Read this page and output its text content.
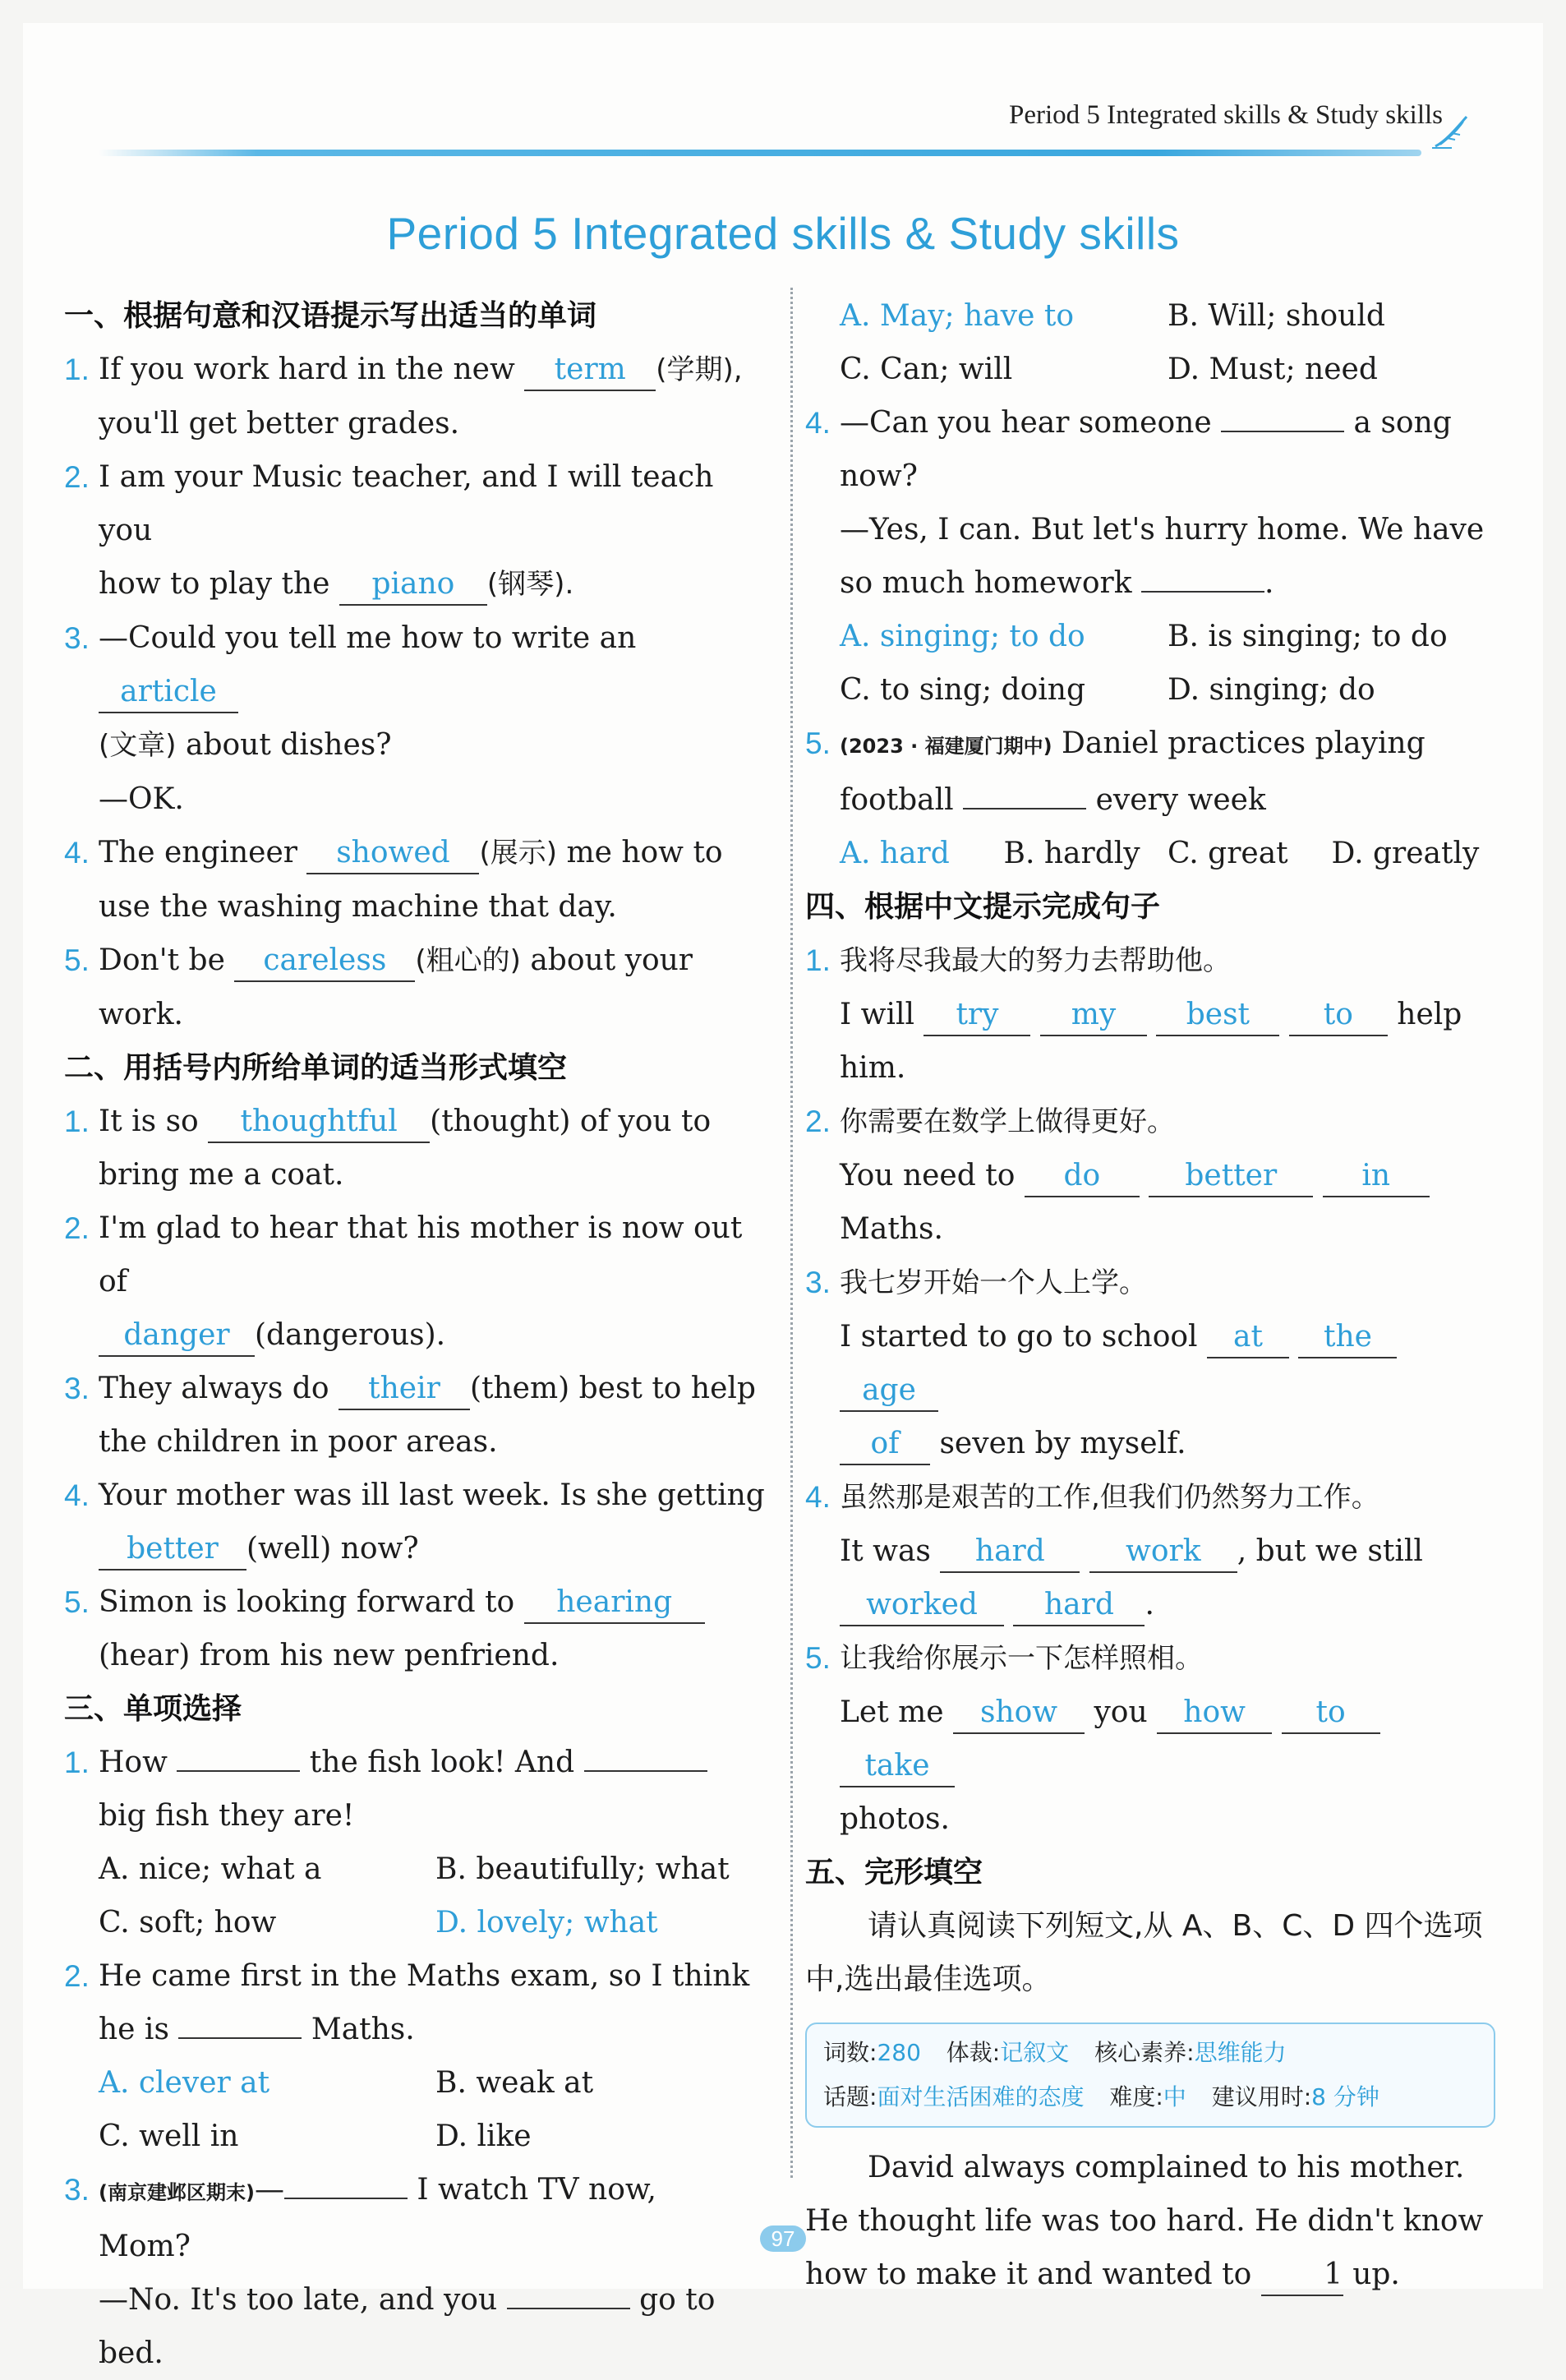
Period 5 Integrated skills & Study skills
Period 5 Integrated skills & Study skills
一、根据句意和汉语提示写出适当的单词
1. If you work hard in the new term (学期),
you'll get better grades.
2. I am your Music teacher, and I will teach you
how to play the piano (钢琴).
3. —Could you tell me how to write an article
(文章) about dishes?
—OK.
4. The engineer showed (展示) me how to
use the washing machine that day.
5. Don't be careless (粗心的) about your
work.
二、用括号内所给单词的适当形式填空
1. It is so thoughtful (thought) of you to
bring me a coat.
2. I'm glad to hear that his mother is now out of
danger (dangerous).
3. They always do their (them) best to help
the children in poor areas.
4. Your mother was ill last week. Is she getting
better (well) now?
5. Simon is looking forward to hearing
(hear) from his new penfriend.
三、单项选择
1. How	the fish look! And
big fish they are!
A. nice; what a	B. beautifully; what
C. soft; how	D. lovely; what
2. He came first in the Maths exam, so I think
he is	Maths.
A. clever at	B. weak at
C. well in	D. like
3. (南京建邺区期末)—	I watch TV now,
Mom?
—No. It's too late, and you	go to
bed.
A. May; have to	B. Will; should
C. Can; will	D. Must; need
4. —Can you hear someone	a song
now?
—Yes, I can. But let's hurry home. We have
so much homework	.
A. singing; to do	B. is singing; to do
C. to sing; doing	D. singing; do
5. (2023 · 福建厦门期中) Daniel practices playing
football	every week
A. hard	B. hardly C. great	D. greatly
四、根据中文提示完成句子
1. 我将尽我最大的努力去帮助他。
I will try my best to help
him.
2. 你需要在数学上做得更好。
You need to do	better	in
Maths.
3. 我七岁开始一个人上学。
I started to go to school at the age
of seven by myself.
4. 虽然那是艰苦的工作,但我们仍然努力工作。
It was hard	work , but we still
worked hard .
5. 让我给你展示一下怎样照相。
Let me show you how to take
photos.
五、完形填空
请认真阅读下列短文,从 A、B、C、D 四个选项中,选出最佳选项。
词数:280 体裁:记叙文 核心素养:思维能力
话题:面对生活困难的态度 难度:中 建议用时:8 分钟
David always complained to his mother. He thought life was too hard. He didn't know how to make it and wanted to 1 up.
97
